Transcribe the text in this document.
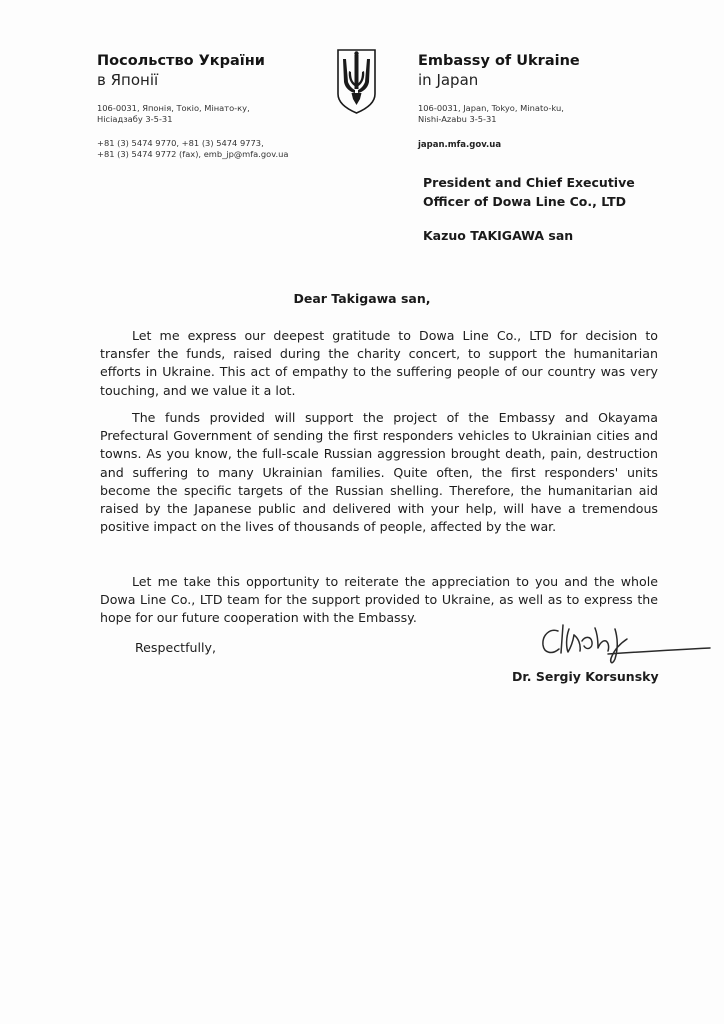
Посольство України
в Японії
106-0031, Японія, Токіо, Мінато-ку,
Нісіадзабу 3-5-31
+81 (3) 5474 9770, +81 (3) 5474 9773,
+81 (3) 5474 9772 (fax), emb_jp@mfa.gov.ua
Embassy of Ukraine
in Japan
106-0031, Japan, Tokyo, Minato-ku,
Nishi-Azabu 3-5-31
japan.mfa.gov.ua
President and Chief Executive
Officer of Dowa Line Co., LTD
Kazuo TAKIGAWA san
Dear Takigawa san,
Let me express our deepest gratitude to Dowa Line Co., LTD for decision to transfer the funds, raised during the charity concert, to support the humanitarian efforts in Ukraine. This act of empathy to the suffering people of our country was very touching, and we value it a lot.
The funds provided will support the project of the Embassy and Okayama Prefectural Government of sending the first responders vehicles to Ukrainian cities and towns. As you know, the full-scale Russian aggression brought death, pain, destruction and suffering to many Ukrainian families. Quite often, the first responders' units become the specific targets of the Russian shelling. Therefore, the humanitarian aid raised by the Japanese public and delivered with your help, will have a tremendous positive impact on the lives of thousands of people, affected by the war.
Let me take this opportunity to reiterate the appreciation to you and the whole Dowa Line Co., LTD team for the support provided to Ukraine, as well as to express the hope for our future cooperation with the Embassy.
Respectfully,
Dr. Sergiy Korsunsky
